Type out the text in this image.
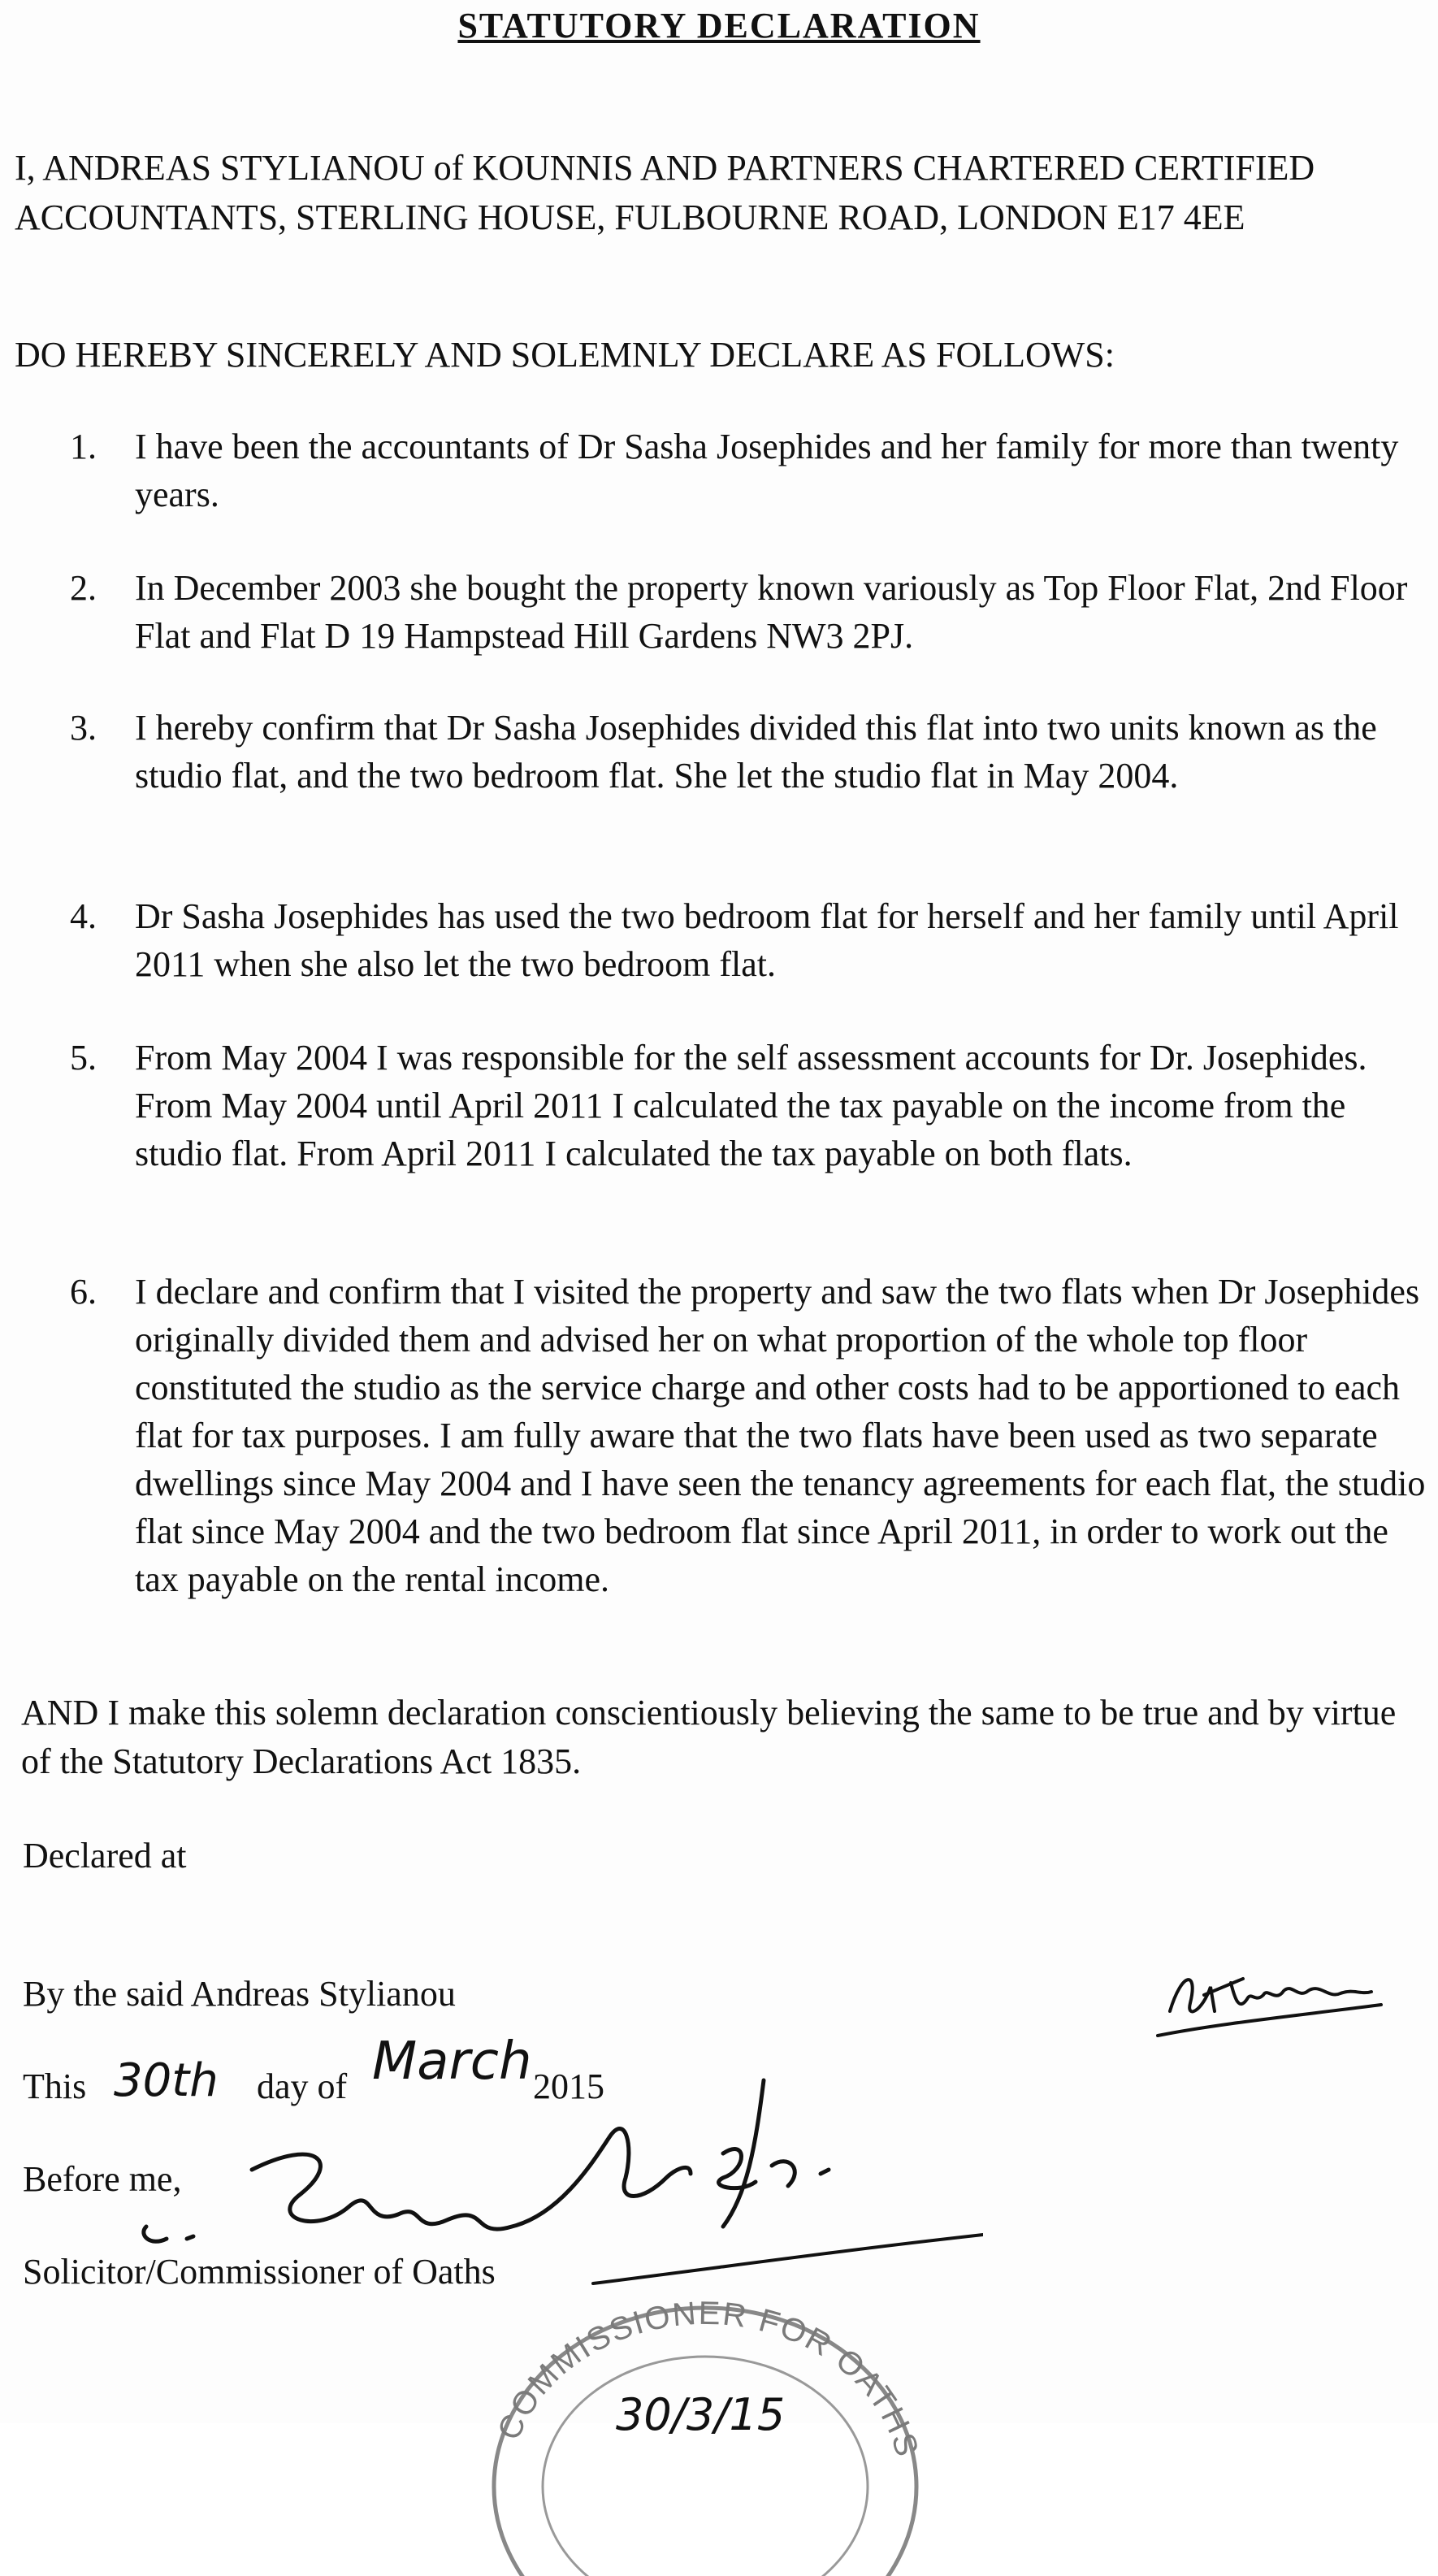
STATUTORY DECLARATION
I, ANDREAS STYLIANOU of KOUNNIS AND PARTNERS CHARTERED CERTIFIED ACCOUNTANTS, STERLING HOUSE, FULBOURNE ROAD, LONDON E17 4EE
DO HEREBY SINCERELY AND SOLEMNLY DECLARE AS FOLLOWS:
1. I have been the accountants of Dr Sasha Josephides and her family for more than twenty years.
2. In December 2003 she bought the property known variously as Top Floor Flat, 2nd Floor Flat and Flat D 19 Hampstead Hill Gardens NW3 2PJ.
3. I hereby confirm that Dr Sasha Josephides divided this flat into two units known as the studio flat, and the two bedroom flat. She let the studio flat in May 2004.
4. Dr Sasha Josephides has used the two bedroom flat for herself and her family until April 2011 when she also let the two bedroom flat.
5. From May 2004 I was responsible for the self assessment accounts for Dr. Josephides. From May 2004 until April 2011 I calculated the tax payable on the income from the studio flat. From April 2011 I calculated the tax payable on both flats.
6. I declare and confirm that I visited the property and saw the two flats when Dr Josephides originally divided them and advised her on what proportion of the whole top floor constituted the studio as the service charge and other costs had to be apportioned to each flat for tax purposes. I am fully aware that the two flats have been used as two separate dwellings since May 2004 and I have seen the tenancy agreements for each flat, the studio flat since May 2004 and the two bedroom flat since April 2011, in order to work out the tax payable on the rental income.
AND I make this solemn declaration conscientiously believing the same to be true and by virtue of the Statutory Declarations Act 1835.
Declared at
By the said Andreas Stylianou
This 30th day of March 2015
Before me,
Solicitor/Commissioner of Oaths
COMMISSIONER FOR OATHS
30/3/15
